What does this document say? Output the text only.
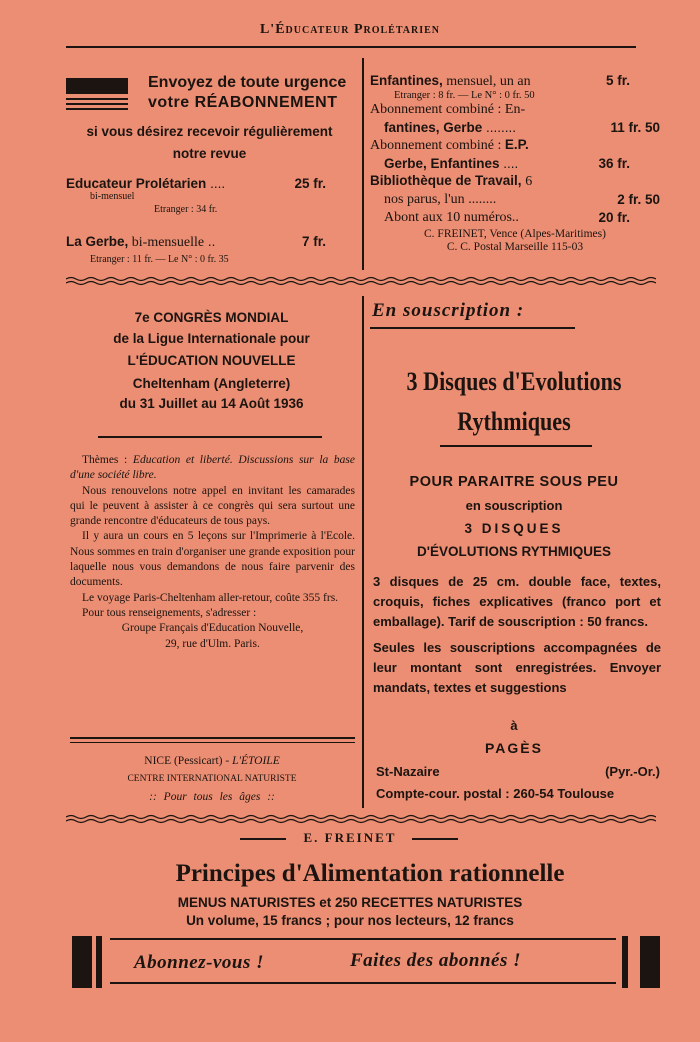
L'Éducateur Prolétarien
Envoyez de toute urgence
votre RÉABONNEMENT
si vous désirez recevoir régulièrement
notre revue
Educateur Prolétarien ....	25 fr.
bi-mensuel
Etranger : 34 fr.
La Gerbe, bi-mensuelle ..	7 fr.
Etranger : 11 fr. — Le N° : 0 fr. 35
Enfantines, mensuel, un an	5 fr.
Etranger : 8 fr. — Le N° : 0 fr. 50
Abonnement combiné : En-
fantines, Gerbe ........	11 fr. 50
Abonnement combiné : E.P.
Gerbe, Enfantines ....	36 fr.
Bibliothèque de Travail, 6
nos parus, l'un ........	2 fr. 50
Abont aux 10 numéros..	20 fr.
C. FREINET, Vence (Alpes-Maritimes)
C. C. Postal Marseille 115-03
7e CONGRÈS MONDIAL
de la Ligue Internationale pour
L'ÉDUCATION NOUVELLE
Cheltenham (Angleterre)
du 31 Juillet au 14 Août 1936

Thèmes : Education et liberté. Discussions sur la base d'une société libre.

Nous renouvelons notre appel en invitant les camarades qui le peuvent à assister à ce congrès qui sera surtout une grande rencontre d'éducateurs de tous pays.

Il y aura un cours en 5 leçons sur l'Imprimerie à l'Ecole. Nous sommes en train d'organiser une grande exposition pour laquelle nous vous demandons de nous faire parvenir des documents.

Le voyage Paris-Cheltenham aller-retour, coûte 355 frs.

Pour tous renseignements, s'adresser :

Groupe Français d'Education Nouvelle,

29, rue d'Ulm. Paris.

NICE (Pessicart) - L'ÉTOILE
CENTRE INTERNATIONAL NATURISTE
:: Pour tous les âges ::
En souscription :
3 Disques d'Evolutions
Rythmiques
POUR PARAITRE SOUS PEU
en souscription
3 DISQUES
D'ÉVOLUTIONS RYTHMIQUES
3 disques de 25 cm. double face, textes, croquis, fiches explicatives (franco port et emballage). Tarif de souscription : 50 francs.
Seules les souscriptions accompagnées de leur montant sont enregistrées. Envoyer mandats, textes et suggestions
à
PAGÈS
St-Nazaire	(Pyr.-Or.)
Compte-cour. postal : 260-54 Toulouse
E. FREINET
Principes d'Alimentation rationnelle
MENUS NATURISTES et 250 RECETTES NATURISTES
Un volume, 15 francs ; pour nos lecteurs, 12 francs
Abonnez-vous !	Faites des abonnés !
